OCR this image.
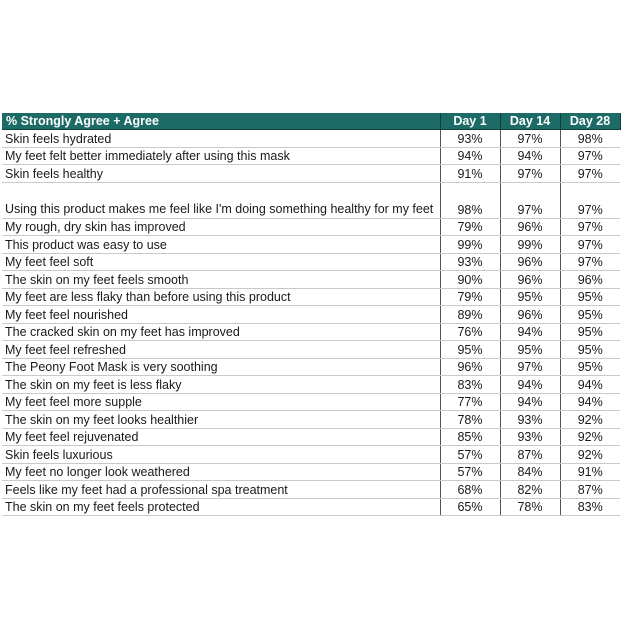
% Strongly Agree + Agree	Day 1	Day 14	Day 28
Skin feels hydrated	93%	97%	98%
My feet felt better immediately after using this mask	94%	94%	97%
Skin feels healthy	91%	97%	97%
Using this product makes me feel like I'm doing something healthy for my feet	98%	97%	97%
My rough, dry skin has improved	79%	96%	97%
This product was easy to use	99%	99%	97%
My feet feel soft	93%	96%	97%
The skin on my feet feels smooth	90%	96%	96%
My feet are less flaky than before using this product	79%	95%	95%
My feet feel nourished	89%	96%	95%
The cracked skin on my feet has improved	76%	94%	95%
My feet feel refreshed	95%	95%	95%
The Peony Foot Mask is very soothing	96%	97%	95%
The skin on my feet is less flaky	83%	94%	94%
My feet feel more supple	77%	94%	94%
The skin on my feet looks healthier	78%	93%	92%
My feet feel rejuvenated	85%	93%	92%
Skin feels luxurious	57%	87%	92%
My feet no longer look weathered	57%	84%	91%
Feels like my feet had a professional spa treatment	68%	82%	87%
The skin on my feet feels protected	65%	78%	83%
